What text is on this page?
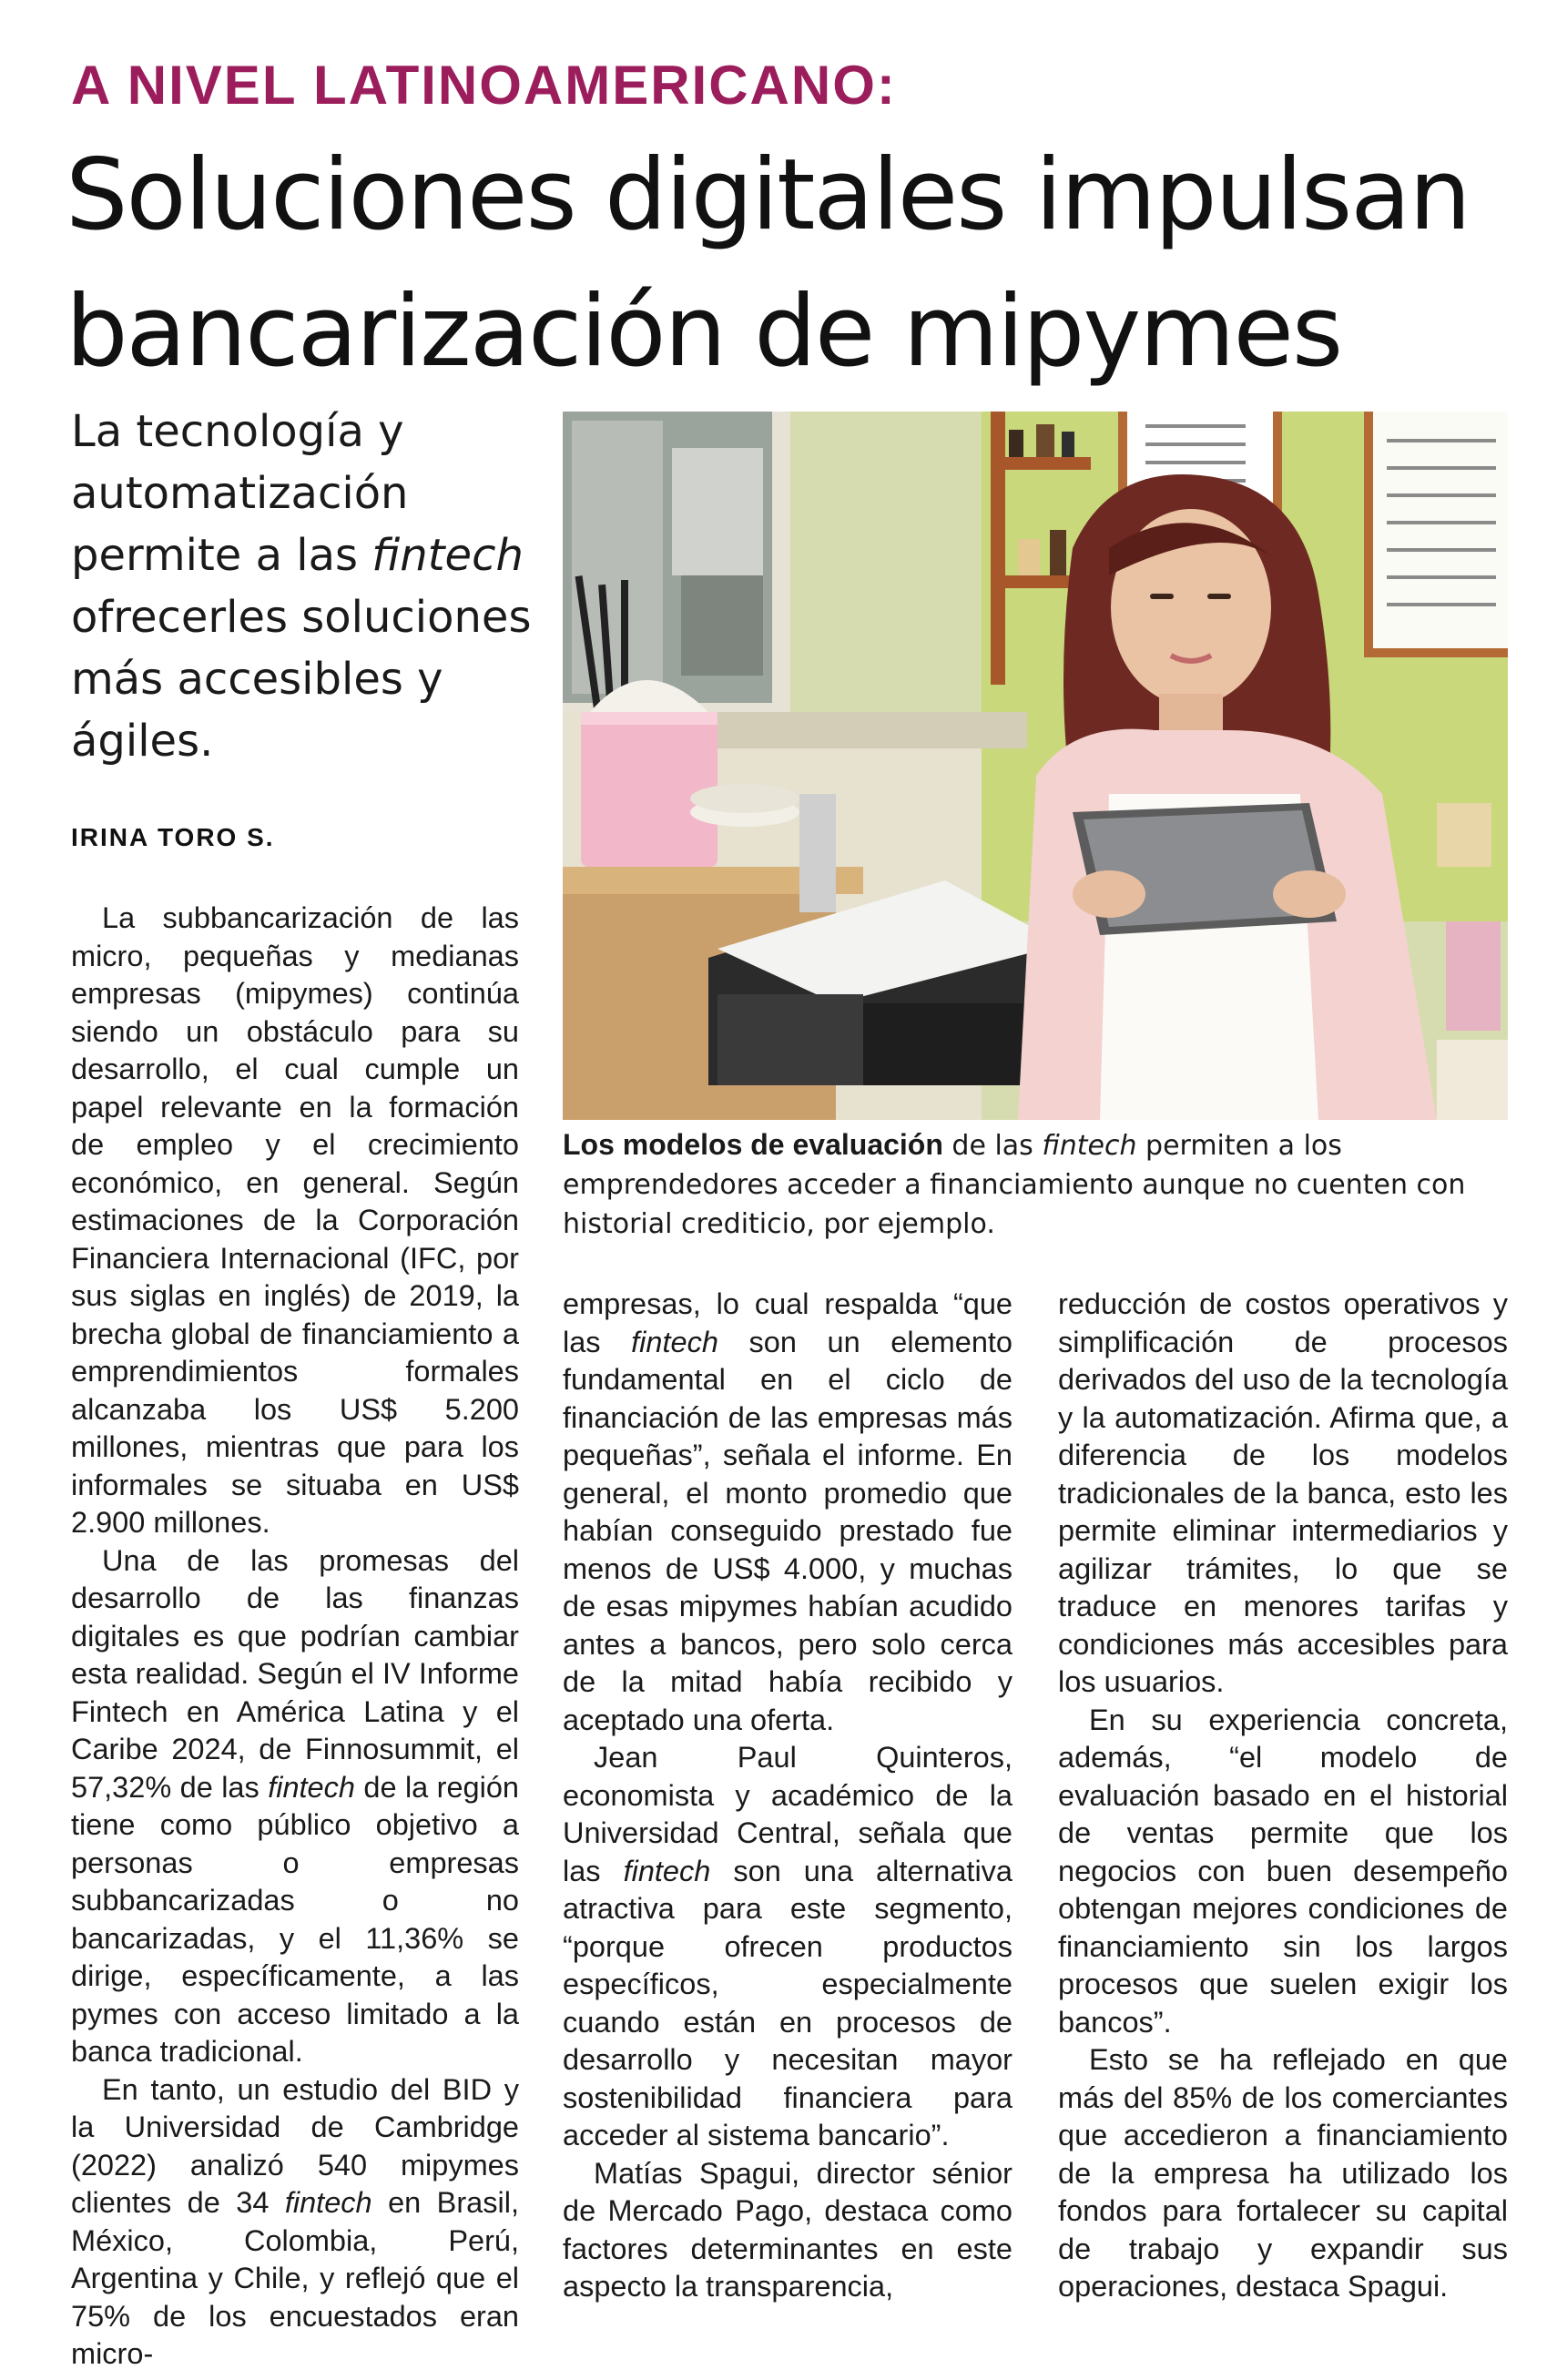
A NIVEL LATINOAMERICANO:
Soluciones digitales impulsan bancarización de mipymes
La tecnología y automatización permite a las fintech ofrecerles soluciones más accesibles y ágiles.
IRINA TORO S.

La subbancarización de las micro, pequeñas y medianas empresas (mipymes) continúa siendo un obstáculo para su desarrollo, el cual cumple un papel relevante en la formación de empleo y el crecimiento económico, en general. Según estimaciones de la Corporación Financiera Internacional (IFC, por sus siglas en inglés) de 2019, la brecha global de financiamiento a emprendimientos formales alcanzaba los US$ 5.200 millones, mientras que para los informales se situaba en US$ 2.900 millones.

Una de las promesas del desarrollo de las finanzas digitales es que podrían cambiar esta realidad. Según el IV Informe Fintech en América Latina y el Caribe 2024, de Finnosummit, el 57,32% de las fintech de la región tiene como público objetivo a personas o empresas subbancarizadas o no bancarizadas, y el 11,36% se dirige, específicamente, a las pymes con acceso limitado a la banca tradicional.

En tanto, un estudio del BID y la Universidad de Cambridge (2022) analizó 540 mipymes clientes de 34 fintech en Brasil, México, Colombia, Perú, Argentina y Chile, y reflejó que el 75% de los encuestados eran micro-

Los modelos de evaluación de las fintech permiten a los emprendedores acceder a financiamiento aunque no cuenten con historial crediticio, por ejemplo.

empresas, lo cual respalda “que las fintech son un elemento fundamental en el ciclo de financiación de las empresas más pequeñas”, señala el informe. En general, el monto promedio que habían conseguido prestado fue menos de US$ 4.000, y muchas de esas mipymes habían acudido antes a bancos, pero solo cerca de la mitad había recibido y aceptado una oferta.

Jean Paul Quinteros, economista y académico de la Universidad Central, señala que las fintech son una alternativa atractiva para este segmento, “porque ofrecen productos específicos, especialmente cuando están en procesos de desarrollo y necesitan mayor sostenibilidad financiera para acceder al sistema bancario”.

Matías Spagui, director sénior de Mercado Pago, destaca como factores determinantes en este aspecto la transparencia,

reducción de costos operativos y simplificación de procesos derivados del uso de la tecnología y la automatización. Afirma que, a diferencia de los modelos tradicionales de la banca, esto les permite eliminar intermediarios y agilizar trámites, lo que se traduce en menores tarifas y condiciones más accesibles para los usuarios.

En su experiencia concreta, además, “el modelo de evaluación basado en el historial de ventas permite que los negocios con buen desempeño obtengan mejores condiciones de financiamiento sin los largos procesos que suelen exigir los bancos”.

Esto se ha reflejado en que más del 85% de los comerciantes que accedieron a financiamiento de la empresa ha utilizado los fondos para fortalecer su capital de trabajo y expandir sus operaciones, destaca Spagui.
